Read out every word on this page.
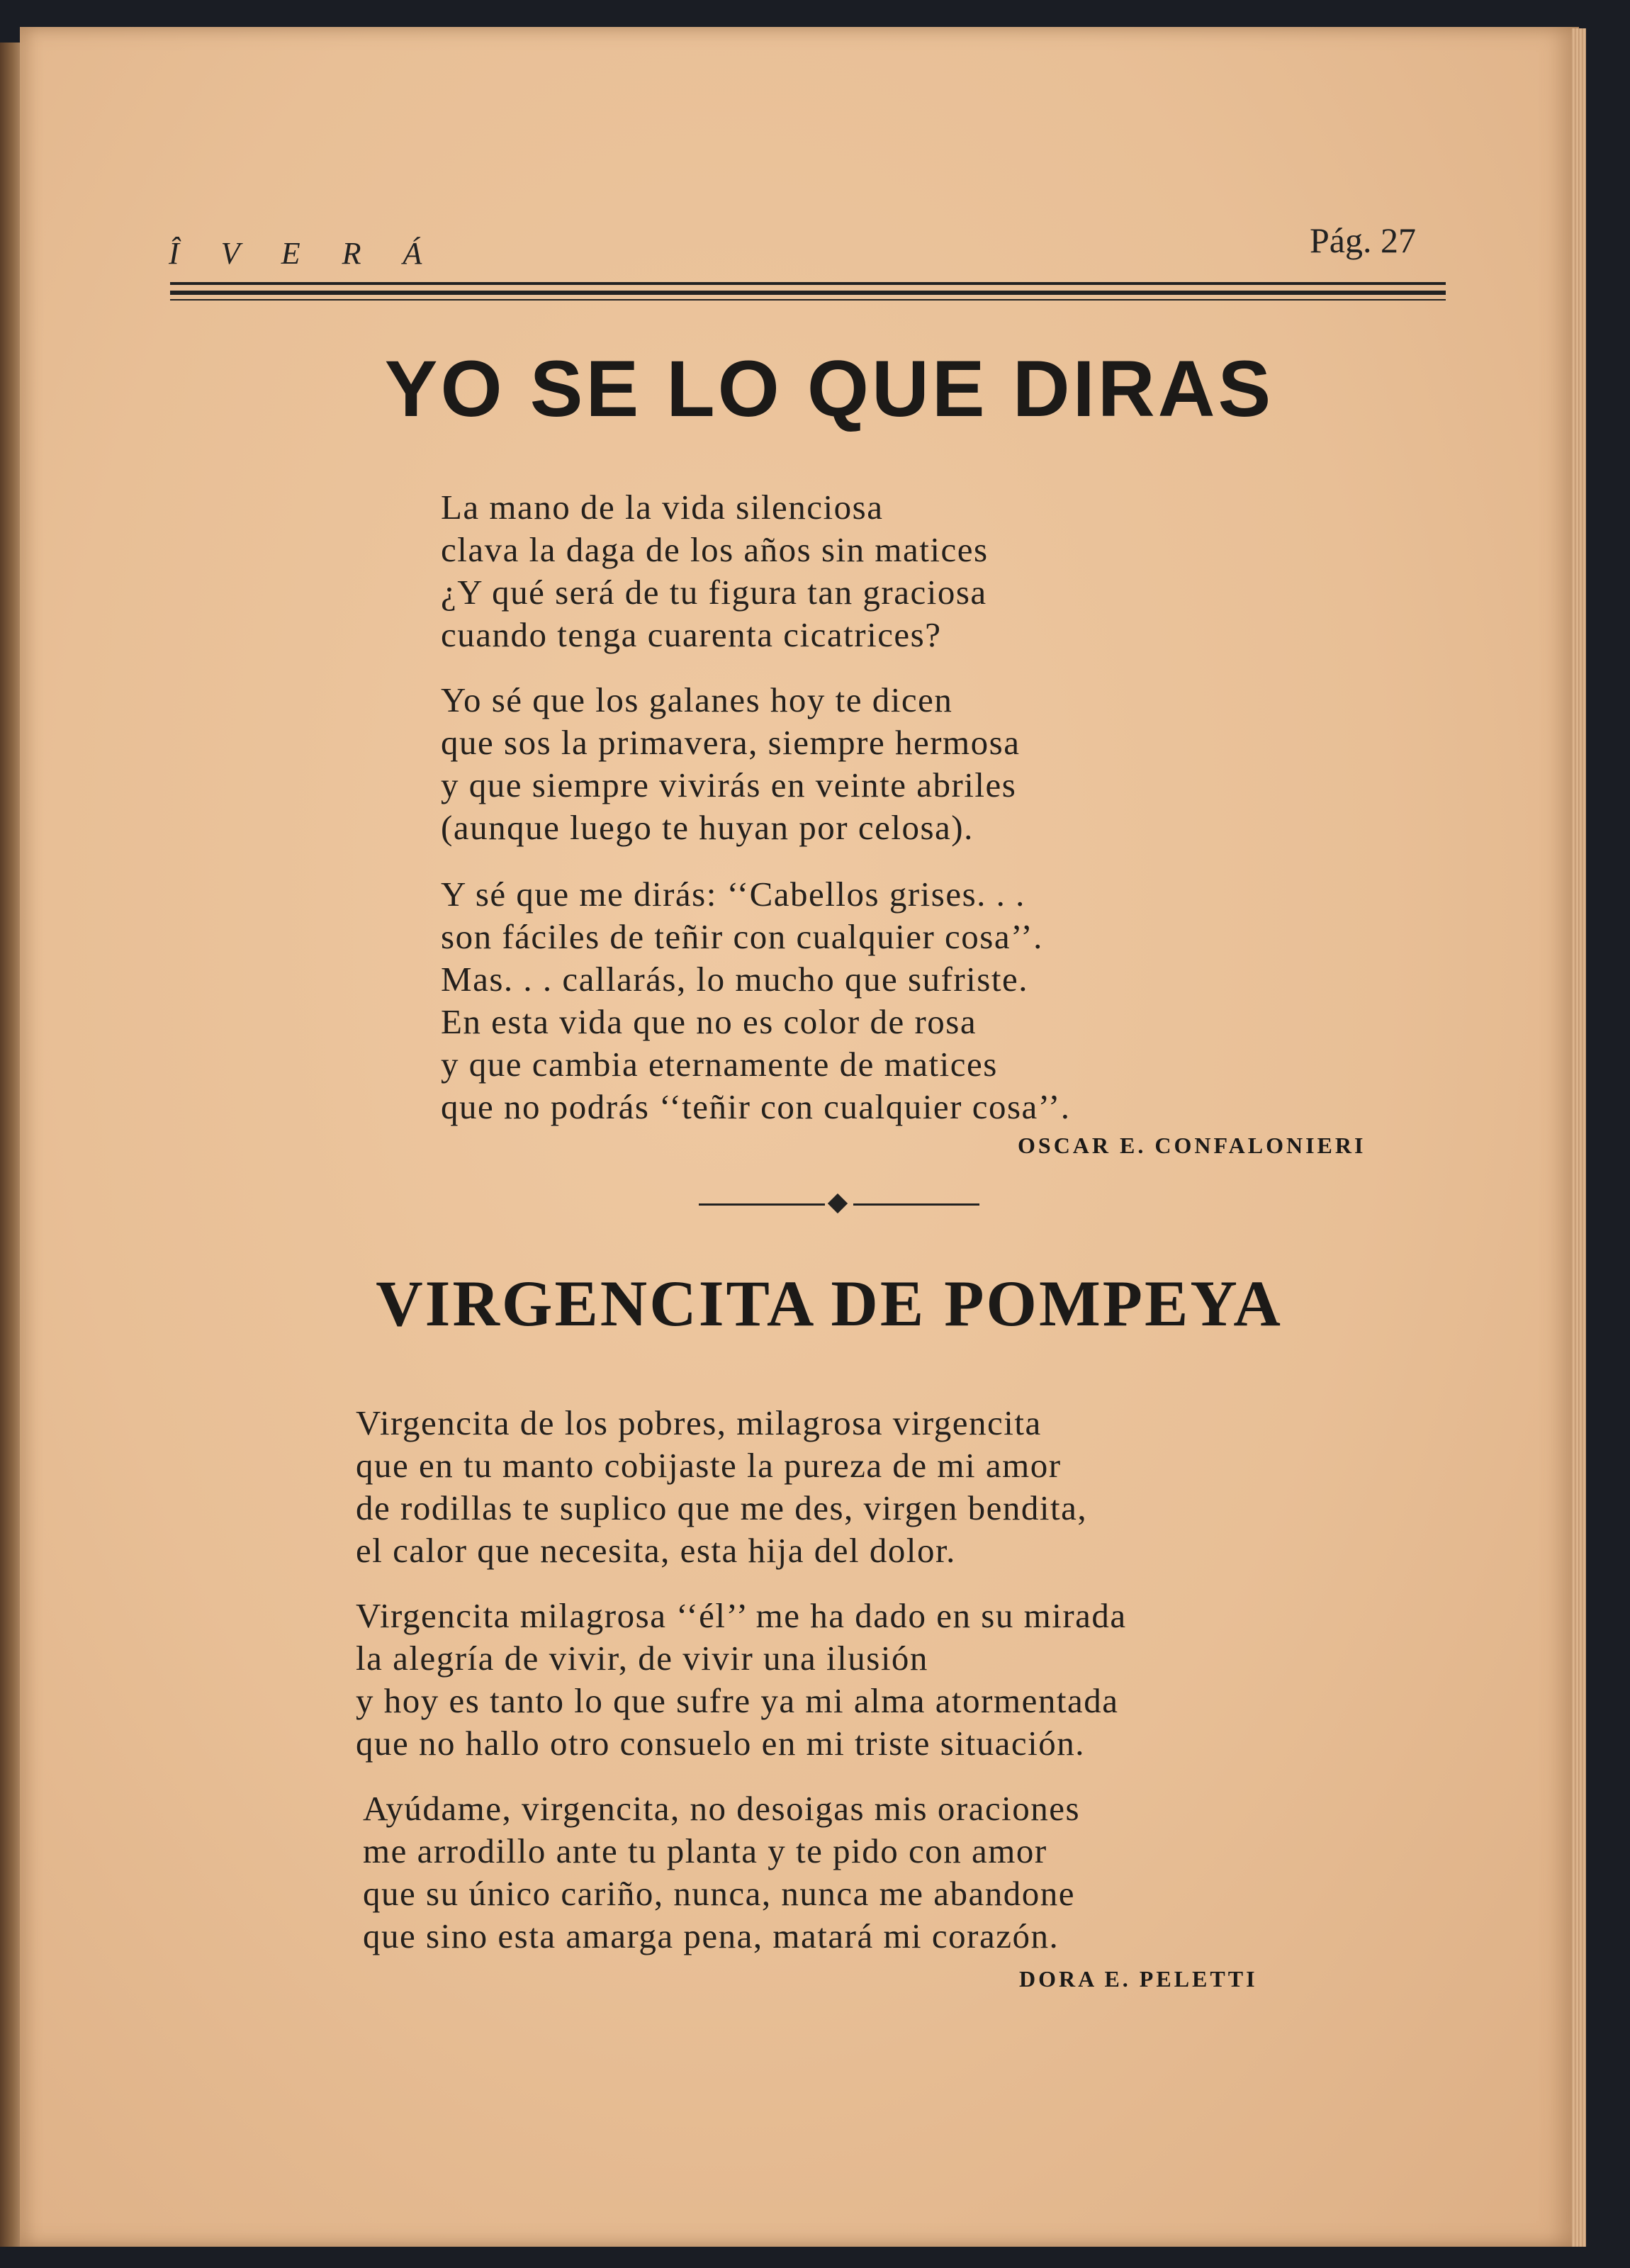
Î V E R Á	Pág. 27
YO SE LO QUE DIRAS
La mano de la vida silenciosa
clava la daga de los años sin matices
¿Y qué será de tu figura tan graciosa
cuando tenga cuarenta cicatrices?
Yo sé que los galanes hoy te dicen
que sos la primavera, siempre hermosa
y que siempre vivirás en veinte abriles
(aunque luego te huyan por celosa).
Y sé que me dirás: ‘‘Cabellos grises. . .
son fáciles de teñir con cualquier cosa’’.
Mas. . . callarás, lo mucho que sufriste.
En esta vida que no es color de rosa
y que cambia eternamente de matices
que no podrás ‘‘teñir con cualquier cosa’’.
OSCAR E. CONFALONIERI
VIRGENCITA DE POMPEYA
Virgencita de los pobres, milagrosa virgencita
que en tu manto cobijaste la pureza de mi amor
de rodillas te suplico que me des, virgen bendita,
el calor que necesita, esta hija del dolor.
Virgencita milagrosa ‘‘él’’ me ha dado en su mirada
la alegría de vivir, de vivir una ilusión
y hoy es tanto lo que sufre ya mi alma atormentada
que no hallo otro consuelo en mi triste situación.
Ayúdame, virgencita, no desoigas mis oraciones
me arrodillo ante tu planta y te pido con amor
que su único cariño, nunca, nunca me abandone
que sino esta amarga pena, matará mi corazón.
DORA E. PELETTI
